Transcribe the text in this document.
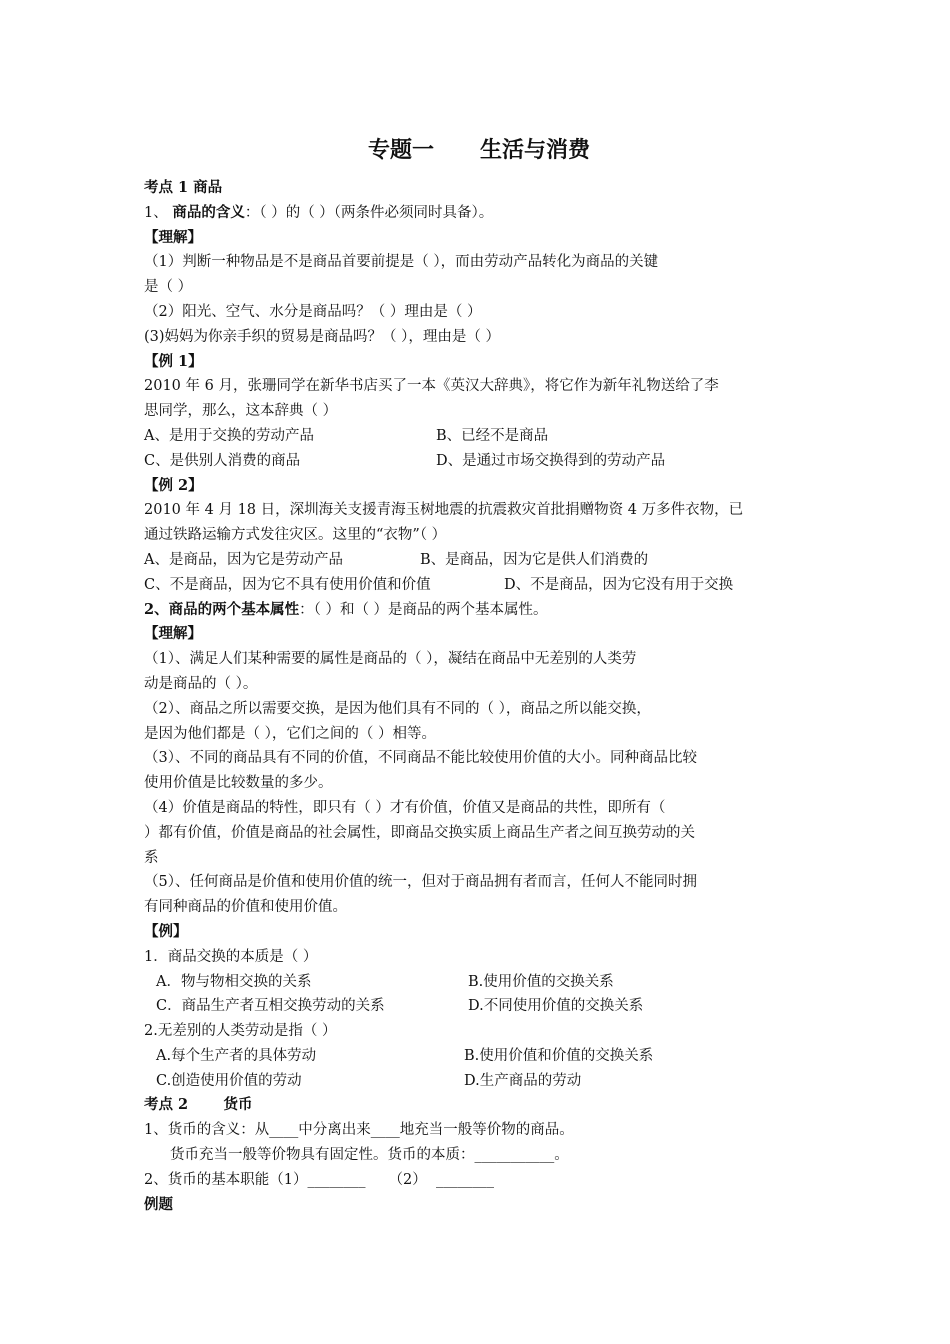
专题一      生活与消费

考点 1 商品

1、 商品的含义：（ ）的（ ）（两条件必须同时具备）。

【理解】

（1）判断一种物品是不是商品首要前提是（ ），而由劳动产品转化为商品的关键

是（ ）

（2）阳光、空气、水分是商品吗？（ ）理由是（ ）

(3)妈妈为你亲手织的贸易是商品吗？（ ），理由是（ ）

【例 1】

2010 年 6 月，张珊同学在新华书店买了一本《英汉大辞典》，将它作为新年礼物送给了李

思同学，那么，这本辞典（ ）

A、是用于交换的劳动产品	B、已经不是商品
C、是供别人消费的商品	D、是通过市场交换得到的劳动产品

【例 2】

2010 年 4 月 18 日，深圳海关支援青海玉树地震的抗震救灾首批捐赠物资 4 万多件衣物，已

通过铁路运输方式发往灾区。这里的“衣物”（ ）

A、是商品，因为它是劳动产品	B、是商品，因为它是供人们消费的
C、不是商品，因为它不具有使用价值和价值	D、不是商品，因为它没有用于交换

2、商品的两个基本属性：（ ）和（ ）是商品的两个基本属性。

【理解】

（1）、满足人们某种需要的属性是商品的（ ），凝结在商品中无差别的人类劳

动是商品的（ ）。

（2）、商品之所以需要交换，是因为他们具有不同的（ ），商品之所以能交换，

是因为他们都是（ ），它们之间的（ ）相等。

（3）、不同的商品具有不同的价值，不同商品不能比较使用价值的大小。同种商品比较

使用价值是比较数量的多少。

（4）价值是商品的特性，即只有（ ）才有价值，价值又是商品的共性，即所有（

）都有价值，价值是商品的社会属性，即商品交换实质上商品生产者之间互换劳动的关

系

（5）、任何商品是价值和使用价值的统一，但对于商品拥有者而言，任何人不能同时拥

有同种商品的价值和使用价值。

【例】

1．商品交换的本质是（ ）

A．物与物相交换的关系	B.使用价值的交换关系
C．商品生产者互相交换劳动的关系	D.不同使用价值的交换关系

2.无差别的人类劳动是指（ ）

A.每个生产者的具体劳动	B.使用价值和价值的交换关系
C.创造使用价值的劳动	D.生产商品的劳动

考点 2       货币

1、货币的含义：从____中分离出来____地充当一般等价物的商品。

货币充当一般等价物具有固定性。货币的本质：___________。

2、货币的基本职能（1）________     （2）  ________

例题
